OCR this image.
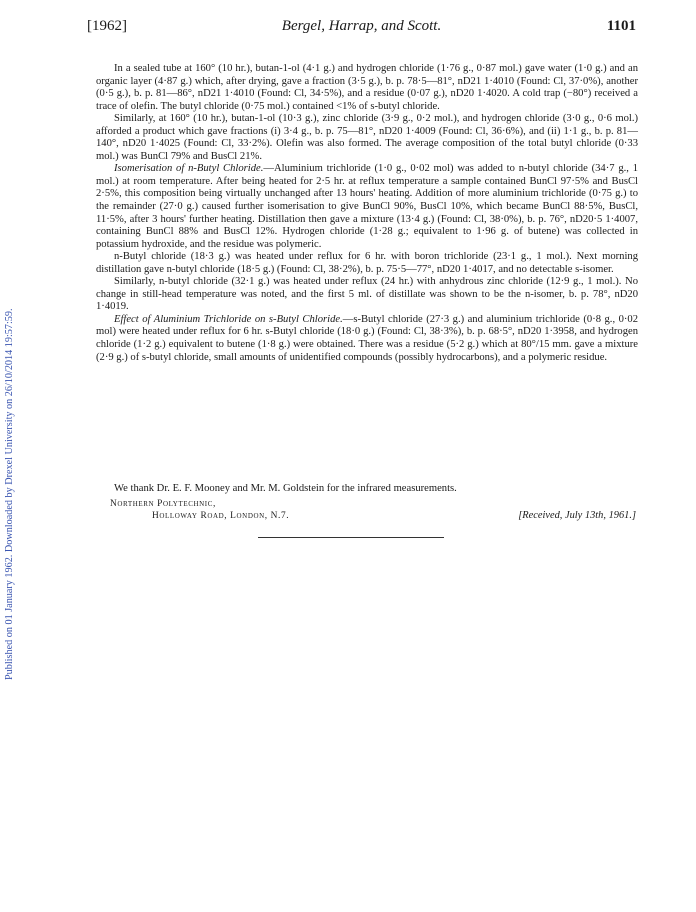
Published on 01 January 1962. Downloaded by Drexel University on 26/10/2014 19:57:59.
[1962]	Bergel, Harrap, and Scott.	1101

In a sealed tube at 160° (10 hr.), butan-1-ol (4·1 g.) and hydrogen chloride (1·76 g., 0·87 mol.) gave water (1·0 g.) and an organic layer (4·87 g.) which, after drying, gave a fraction (3·5 g.), b. p. 78·5—81°, nD21 1·4010 (Found: Cl, 37·0%), another (0·5 g.), b. p. 81—86°, nD21 1·4010 (Found: Cl, 34·5%), and a residue (0·07 g.), nD20 1·4020. A cold trap (−80°) received a trace of olefin. The butyl chloride (0·75 mol.) contained <1% of s-butyl chloride.

Similarly, at 160° (10 hr.), butan-1-ol (10·3 g.), zinc chloride (3·9 g., 0·2 mol.), and hydrogen chloride (3·0 g., 0·6 mol.) afforded a product which gave fractions (i) 3·4 g., b. p. 75—81°, nD20 1·4009 (Found: Cl, 36·6%), and (ii) 1·1 g., b. p. 81—140°, nD20 1·4025 (Found: Cl, 33·2%). Olefin was also formed. The average composition of the total butyl chloride (0·33 mol.) was BunCl 79% and BusCl 21%.

Isomerisation of n-Butyl Chloride.—Aluminium trichloride (1·0 g., 0·02 mol) was added to n-butyl chloride (34·7 g., 1 mol.) at room temperature. After being heated for 2·5 hr. at reflux temperature a sample contained BunCl 97·5% and BusCl 2·5%, this composition being virtually unchanged after 13 hours' heating. Addition of more aluminium trichloride (0·75 g.) to the remainder (27·0 g.) caused further isomerisation to give BunCl 90%, BusCl 10%, which became BunCl 88·5%, BusCl, 11·5%, after 3 hours' further heating. Distillation then gave a mixture (13·4 g.) (Found: Cl, 38·0%), b. p. 76°, nD20·5 1·4007, containing BunCl 88% and BusCl 12%. Hydrogen chloride (1·28 g.; equivalent to 1·96 g. of butene) was collected in potassium hydroxide, and the residue was polymeric.

n-Butyl chloride (18·3 g.) was heated under reflux for 6 hr. with boron trichloride (23·1 g., 1 mol.). Next morning distillation gave n-butyl chloride (18·5 g.) (Found: Cl, 38·2%), b. p. 75·5—77°, nD20 1·4017, and no detectable s-isomer.

Similarly, n-butyl chloride (32·1 g.) was heated under reflux (24 hr.) with anhydrous zinc chloride (12·9 g., 1 mol.). No change in still-head temperature was noted, and the first 5 ml. of distillate was shown to be the n-isomer, b. p. 78°, nD20 1·4019.

Effect of Aluminium Trichloride on s-Butyl Chloride.—s-Butyl chloride (27·3 g.) and aluminium trichloride (0·8 g., 0·02 mol) were heated under reflux for 6 hr. s-Butyl chloride (18·0 g.) (Found: Cl, 38·3%), b. p. 68·5°, nD20 1·3958, and hydrogen chloride (1·2 g.) equivalent to butene (1·8 g.) were obtained. There was a residue (5·2 g.) which at 80°/15 mm. gave a mixture (2·9 g.) of s-butyl chloride, small amounts of unidentified compounds (possibly hydrocarbons), and a polymeric residue.

We thank Dr. E. F. Mooney and Mr. M. Goldstein for the infrared measurements.
Northern Polytechnic,
Holloway Road, London, N.7.	[Received, July 13th, 1961.]
